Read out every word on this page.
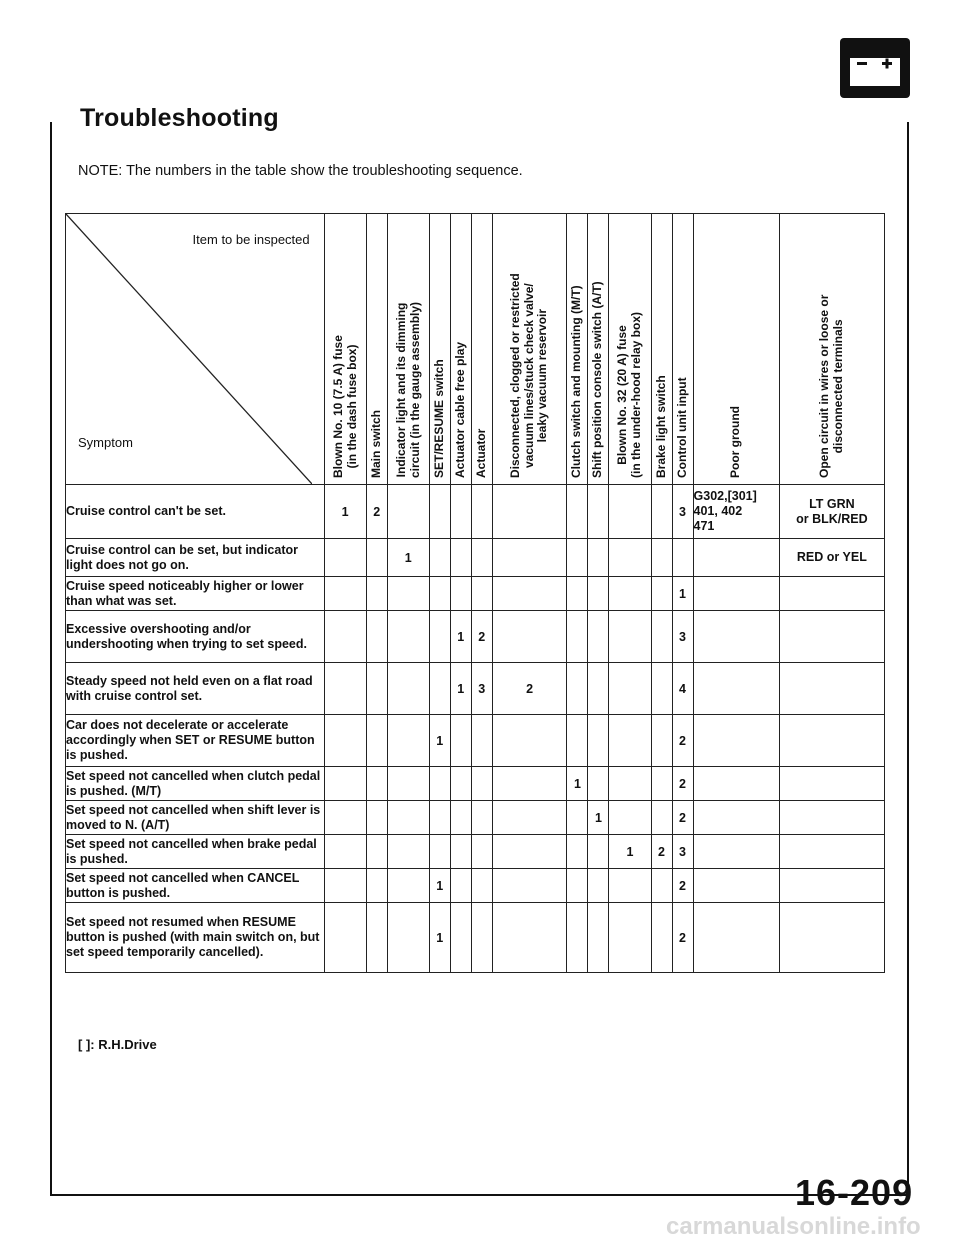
Troubleshooting
NOTE: The numbers in the table show the troubleshooting sequence.
Item to be inspected
Symptom	Blown No. 10 (7.5 A) fuse
(in the dash fuse box)	Main switch	Indicator light and its dimming
circuit (in the gauge assembly)	SET/RESUME switch	Actuator cable free play	Actuator	Disconnected, clogged or restricted
vacuum lines/stuck check valve/
leaky vacuum reservoir	Clutch switch and mounting (M/T)	Shift position console switch (A/T)	Blown No. 32 (20 A) fuse
(in the under-hood relay box)	Brake light switch	Control unit input	Poor ground	Open circuit in wires or loose or
disconnected terminals

Cruise control can't be set.	1	2										3	G302,[301]
401, 402
471	LT GRN
or BLK/RED
Cruise control can be set, but indicator light does not go on.			1											RED or YEL
Cruise speed noticeably higher or lower than what was set.												1		
Excessive overshooting and/or undershooting when trying to set speed.					1	2						3		
Steady speed not held even on a flat road with cruise control set.					1	3	2					4		
Car does not decelerate or accelerate accordingly when SET or RESUME button is pushed.				1								2		
Set speed not cancelled when clutch pedal is pushed. (M/T)								1				2		
Set speed not cancelled when shift lever is moved to N. (A/T)									1			2		
Set speed not cancelled when brake pedal is pushed.										1	2	3		
Set speed not cancelled when CANCEL button is pushed.				1								2		
Set speed not resumed when RESUME button is pushed (with main switch on, but set speed temporarily cancelled).				1								2		
[ ]: R.H.Drive
16-209
carmanualsonline.info
